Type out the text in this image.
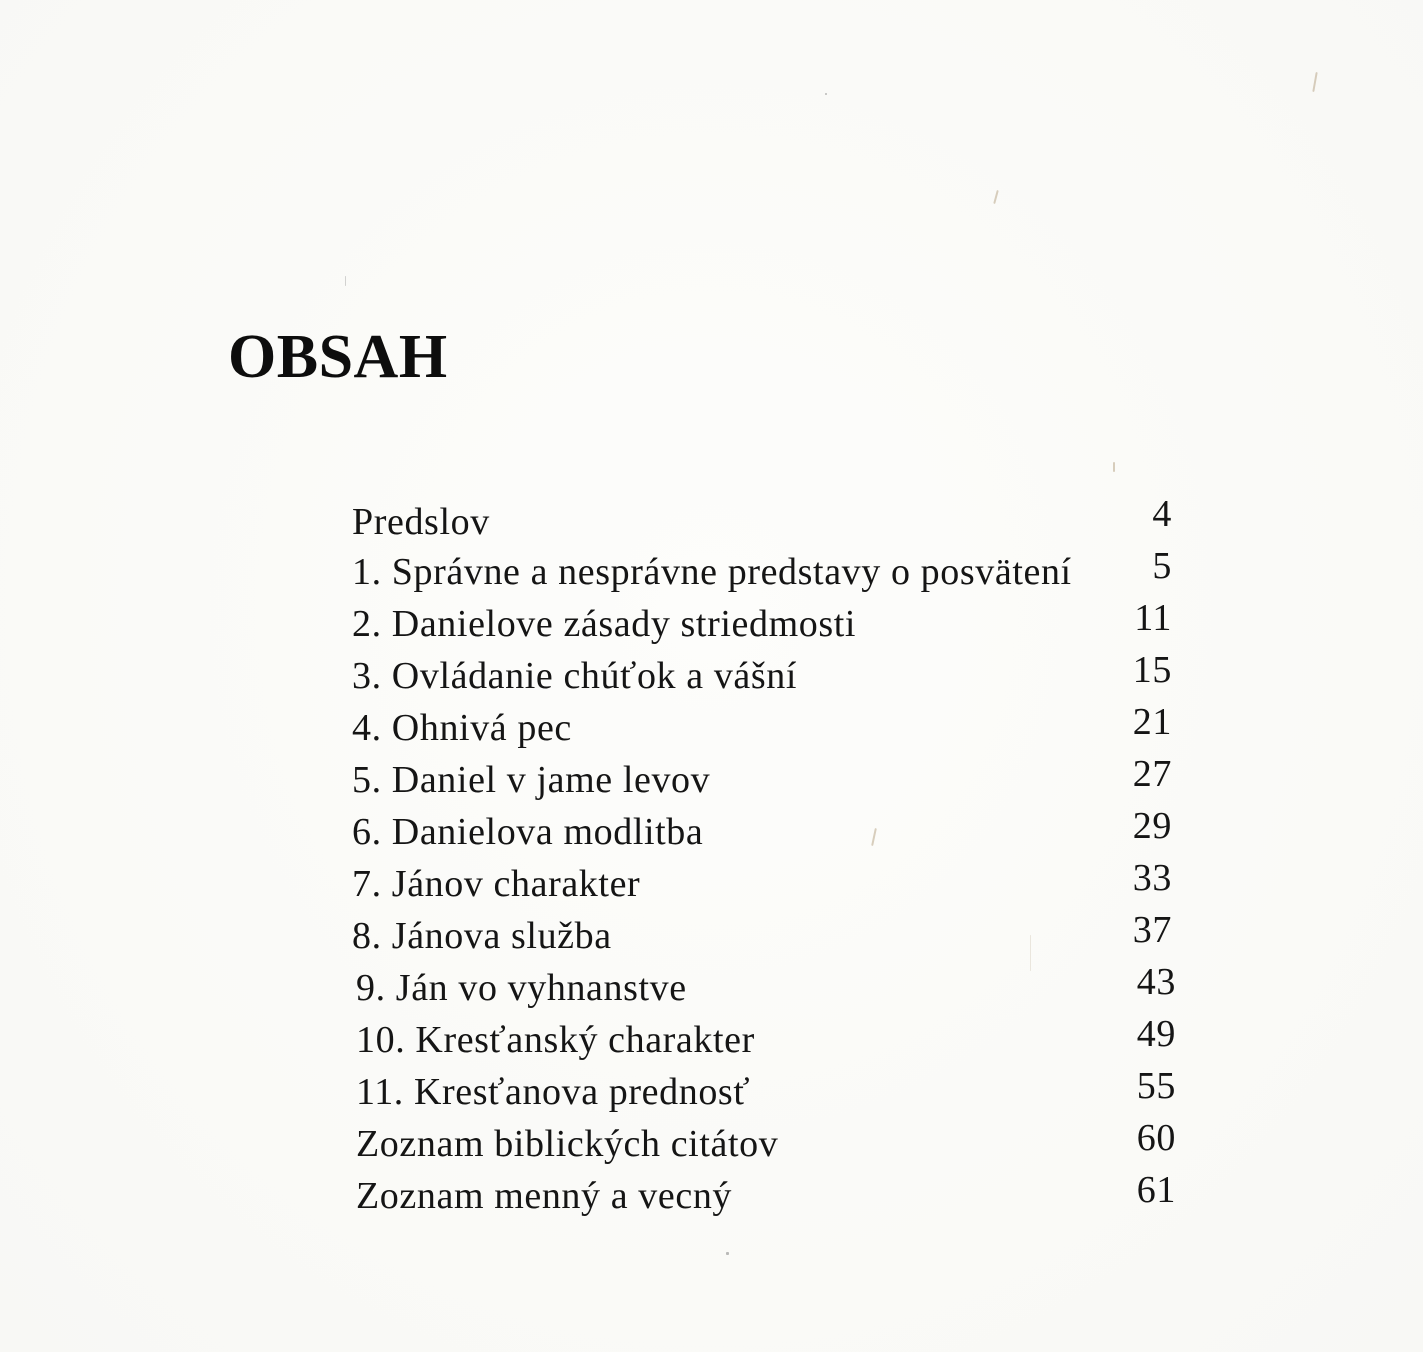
OBSAH
Predslov	4
1. Správne a nesprávne predstavy o posvätení 5
2. Danielove zásady striedmosti	11
3. Ovládanie chúťok a vášní	15
4. Ohnivá pec	21
5. Daniel v jame levov	27
6. Danielova modlitba	29
7. Jánov charakter	33
8. Jánova služba	37
9. Ján vo vyhnanstve	43
10. Kresťanský charakter	49
11. Kresťanova prednosť	55
Zoznam biblických citátov	60
Zoznam menný a vecný	61
